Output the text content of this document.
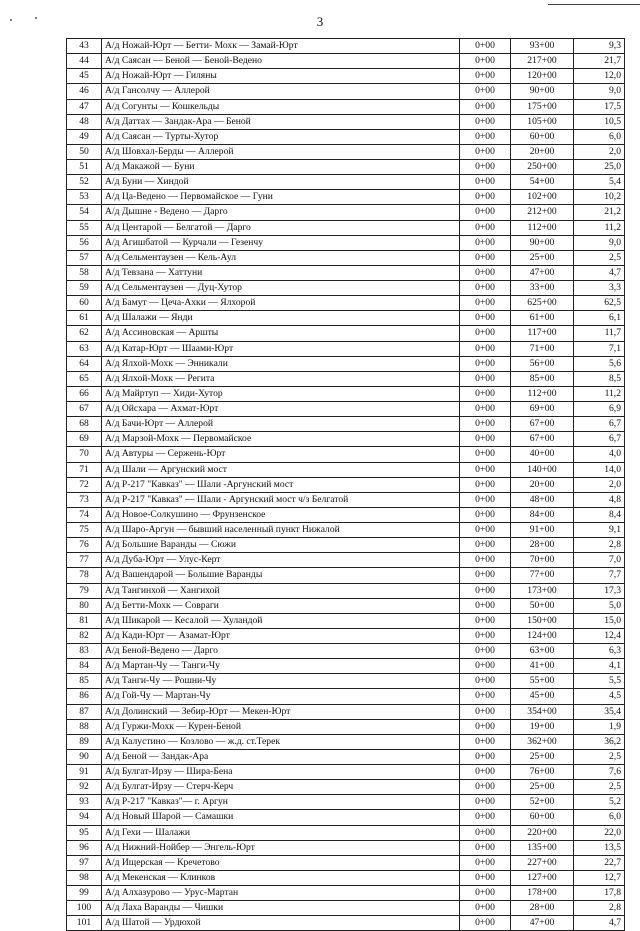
3
43	А/д Ножай-Юрт — Бетти- Мохк — Замай-Юрт	0+00	93+00	9,3
44	А/д Саясан — Беной — Беной-Ведено	0+00	217+00	21,7
45	А/д Ножай-Юрт — Гиляны	0+00	120+00	12,0
46	А/д Гансолчу — Аллерой	0+00	90+00	9,0
47	А/д Согунты — Кошкельды	0+00	175+00	17,5
48	А/д Даттах — Зандак-Ара — Беной	0+00	105+00	10,5
49	А/д Саясан — Турты-Хутор	0+00	60+00	6,0
50	А/д Шовхал-Берды — Аллерой	0+00	20+00	2,0
51	А/д Макажой — Буни	0+00	250+00	25,0
52	А/д Буни — Хиндой	0+00	54+00	5,4
53	А/д Ца-Ведено — Первомайское — Гуни	0+00	102+00	10,2
54	А/д Дышне - Ведено — Дарго	0+00	212+00	21,2
55	А/д Центарой — Белгатой — Дарго	0+00	112+00	11,2
56	А/д Агишбатой — Курчали — Гезенчу	0+00	90+00	9,0
57	А/д Сельментаузен — Кель-Аул	0+00	25+00	2,5
58	А/д Тевзана — Хаттуни	0+00	47+00	4,7
59	А/д Сельментаузен — Дуц-Хутор	0+00	33+00	3,3
60	А/д Бамут — Цеча-Ахки — Ялхорой	0+00	625+00	62,5
61	А/д Шалажи — Янди	0+00	61+00	6,1
62	А/д Ассиновская — Аршты	0+00	117+00	11,7
63	А/д Катар-Юрт — Шаами-Юрт	0+00	71+00	7,1
64	А/д Ялхой-Мохк — Энникали	0+00	56+00	5,6
65	А/д Ялхой-Мохк — Регита	0+00	85+00	8,5
66	А/д Майртуп — Хиди-Хутор	0+00	112+00	11,2
67	А/д Ойсхара — Ахмат-Юрт	0+00	69+00	6,9
68	А/д Бачи-Юрт — Аллерой	0+00	67+00	6,7
69	А/д Марзой-Мохк — Первомайское	0+00	67+00	6,7
70	А/д Автуры — Сержень-Юрт	0+00	40+00	4,0
71	А/д Шали — Аргунский мост	0+00	140+00	14,0
72	А/д Р-217 "Кавказ" — Шали -Аргунский мост	0+00	20+00	2,0
73	А/д Р-217 "Кавказ" — Шали - Аргунский мост ч/з Белгатой	0+00	48+00	4,8
74	А/д Новое-Солкушино — Фрунзенское	0+00	84+00	8,4
75	А/д Шаро-Аргун — бывший населенный пункт Нижалой	0+00	91+00	9,1
76	А/д Большие Варанды — Сюжи	0+00	28+00	2,8
77	А/д Дуба-Юрт — Улус-Керт	0+00	70+00	7,0
78	А/д Вашендарой — Большие Варанды	0+00	77+00	7,7
79	А/д Тангинхой — Хангихой	0+00	173+00	17,3
80	А/д Бетти-Мохк — Совраги	0+00	50+00	5,0
81	А/д Шикарой — Кесалой — Хуландой	0+00	150+00	15,0
82	А/д Кади-Юрт — Азамат-Юрт	0+00	124+00	12,4
83	А/д Беной-Ведено — Дарго	0+00	63+00	6,3
84	А/д Мартан-Чу — Танги-Чу	0+00	41+00	4,1
85	А/д Танги-Чу — Рошни-Чу	0+00	55+00	5,5
86	А/д Гой-Чу — Мартан-Чу	0+00	45+00	4,5
87	А/д Долинский — Зебир-Юрт — Мекен-Юрт	0+00	354+00	35,4
88	А/д Гуржи-Мохк — Курен-Беной	0+00	19+00	1,9
89	А/д Калустино — Козлово — ж.д. ст.Терек	0+00	362+00	36,2
90	А/д Беной — Зандак-Ара	0+00	25+00	2,5
91	А/д Булгат-Ирзу — Шира-Бена	0+00	76+00	7,6
92	А/д Булгат-Ирзу — Стерч-Керч	0+00	25+00	2,5
93	А/д Р-217 "Кавказ"— г. Аргун	0+00	52+00	5,2
94	А/д Новый Шарой — Самашки	0+00	60+00	6,0
95	А/д Гехи — Шалажи	0+00	220+00	22,0
96	А/д Нижний-Нойбер — Энгель-Юрт	0+00	135+00	13,5
97	А/д Ищерская — Кречетово	0+00	227+00	22,7
98	А/д Мекенская — Клинков	0+00	127+00	12,7
99	А/д Алхазурово — Урус-Мартан	0+00	178+00	17,8
100	А/д Лаха Варанды — Чишки	0+00	28+00	2,8
101	А/д Шатой — Урдюхой	0+00	47+00	4,7
